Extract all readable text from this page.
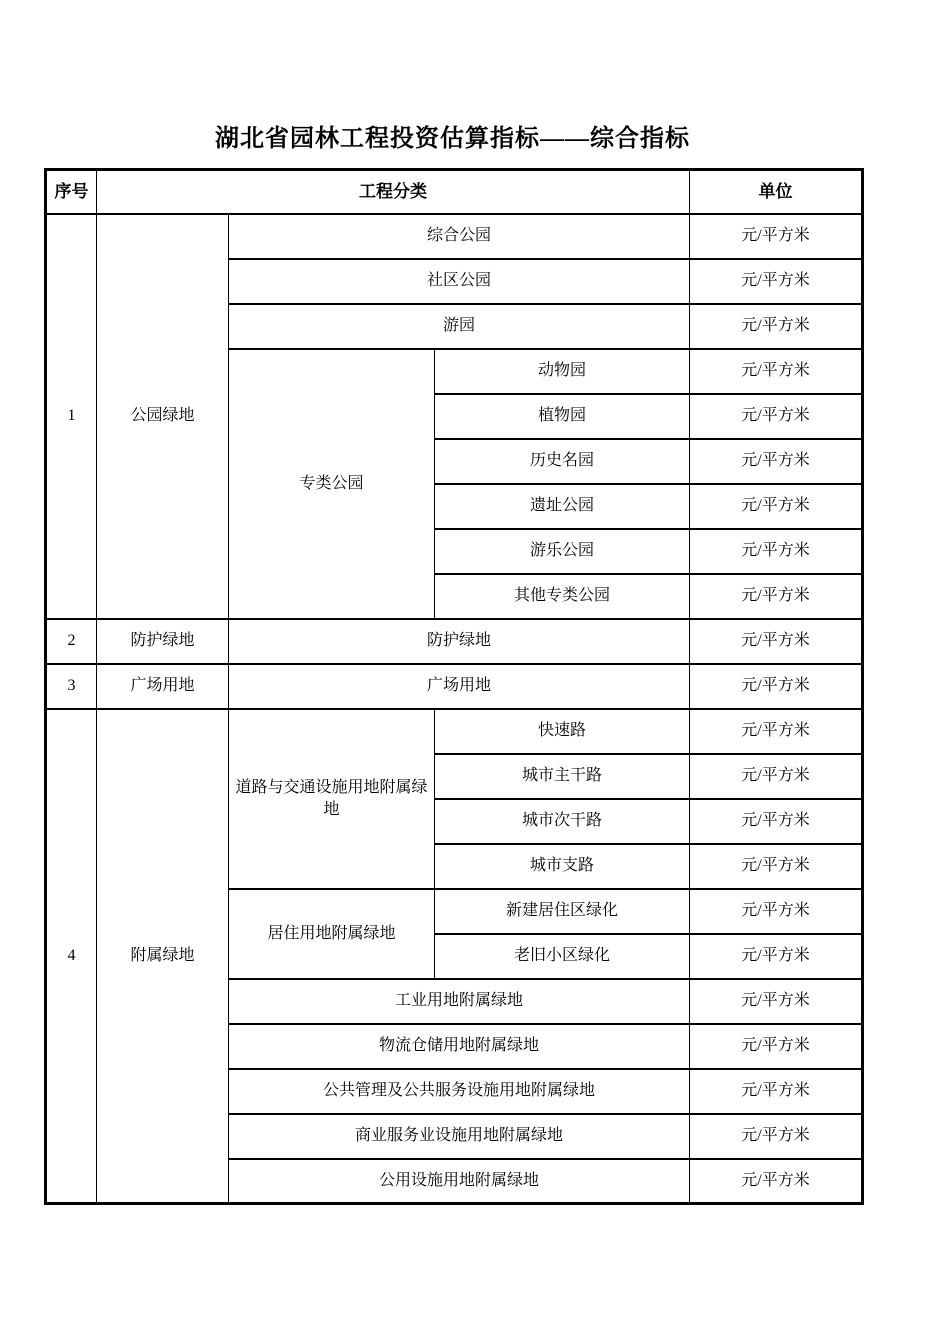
湖北省园林工程投资估算指标——综合指标
序号	工程分类			单位
1	公园绿地	综合公园		元/平方米
		社区公园		元/平方米
		游园		元/平方米
		专类公园	动物园	元/平方米
			植物园	元/平方米
			历史名园	元/平方米
			遗址公园	元/平方米
			游乐公园	元/平方米
			其他专类公园	元/平方米
2	防护绿地	防护绿地		元/平方米
3	广场用地	广场用地		元/平方米
4	附属绿地	道路与交通设施用地附属绿地	快速路	元/平方米
			城市主干路	元/平方米
			城市次干路	元/平方米
			城市支路	元/平方米
		居住用地附属绿地	新建居住区绿化	元/平方米
			老旧小区绿化	元/平方米
		工业用地附属绿地		元/平方米
		物流仓储用地附属绿地		元/平方米
		公共管理及公共服务设施用地附属绿地		元/平方米
		商业服务业设施用地附属绿地		元/平方米
		公用设施用地附属绿地		元/平方米
